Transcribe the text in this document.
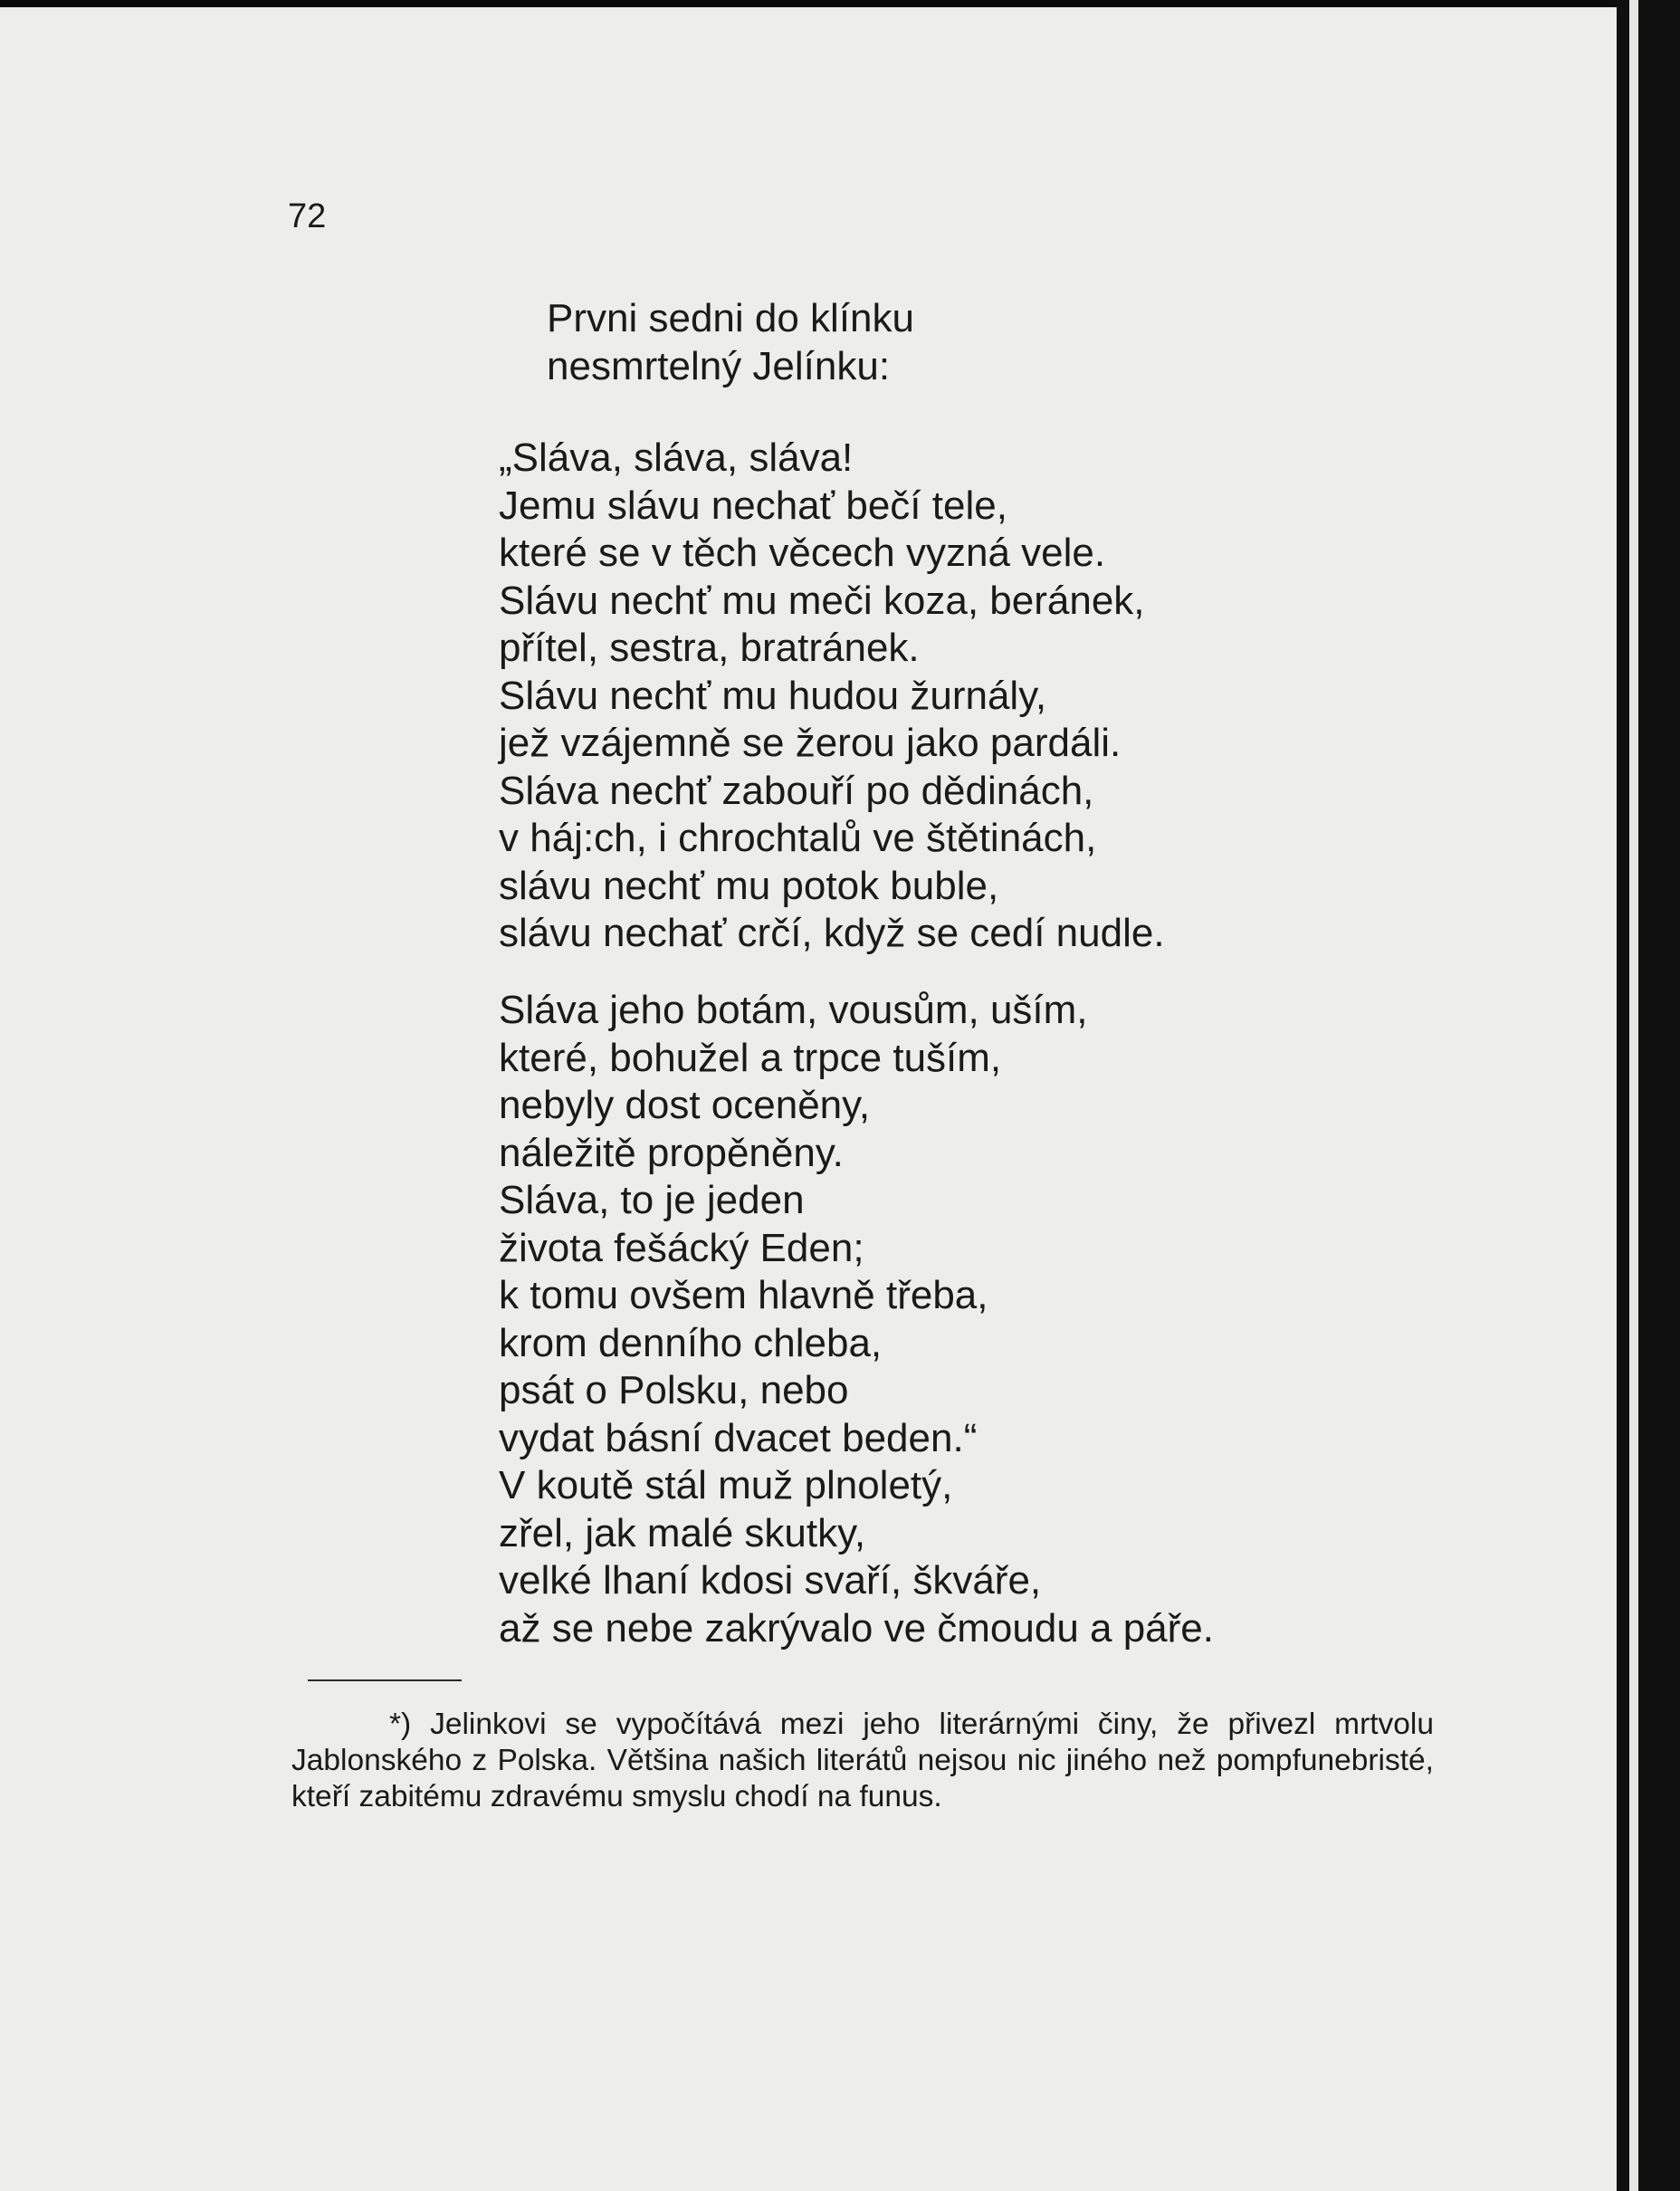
72

Prvni sedni do klínku
nesmrtelný Jelínku:
„Sláva, sláva, sláva!
Jemu slávu nechať bečí tele,
které se v těch věcech vyzná vele.
Slávu nechť mu meči koza, beránek,
přítel, sestra, bratránek.
Slávu nechť mu hudou žurnály,
jež vzájemně se žerou jako pardáli.
Sláva nechť zabouří po dědinách,
v háj:ch, i chrochtalů ve štětinách,
slávu nechť mu potok buble,
slávu nechať crčí, když se cedí nudle.
Sláva jeho botám, vousům, uším,
které, bohužel a trpce tuším,
nebyly dost oceněny,
náležitě propěněny.
Sláva, to je jeden
života fešácký Eden;
k tomu ovšem hlavně třeba,
krom denního chleba,
psát o Polsku, nebo
vydat básní dvacet beden.“
V koutě stál muž plnoletý,
zřel, jak malé skutky,
velké lhaní kdosi svaří, škváře,
až se nebe zakrývalo ve čmoudu a páře.

*) Jelinkovi se vypočítává mezi jeho literárnými činy, že přivezl mrtvolu Jablonského z Polska. Většina našich literátů nejsou nic jiného než pompfunebristé, kteří zabitému zdravému smyslu chodí na funus.
